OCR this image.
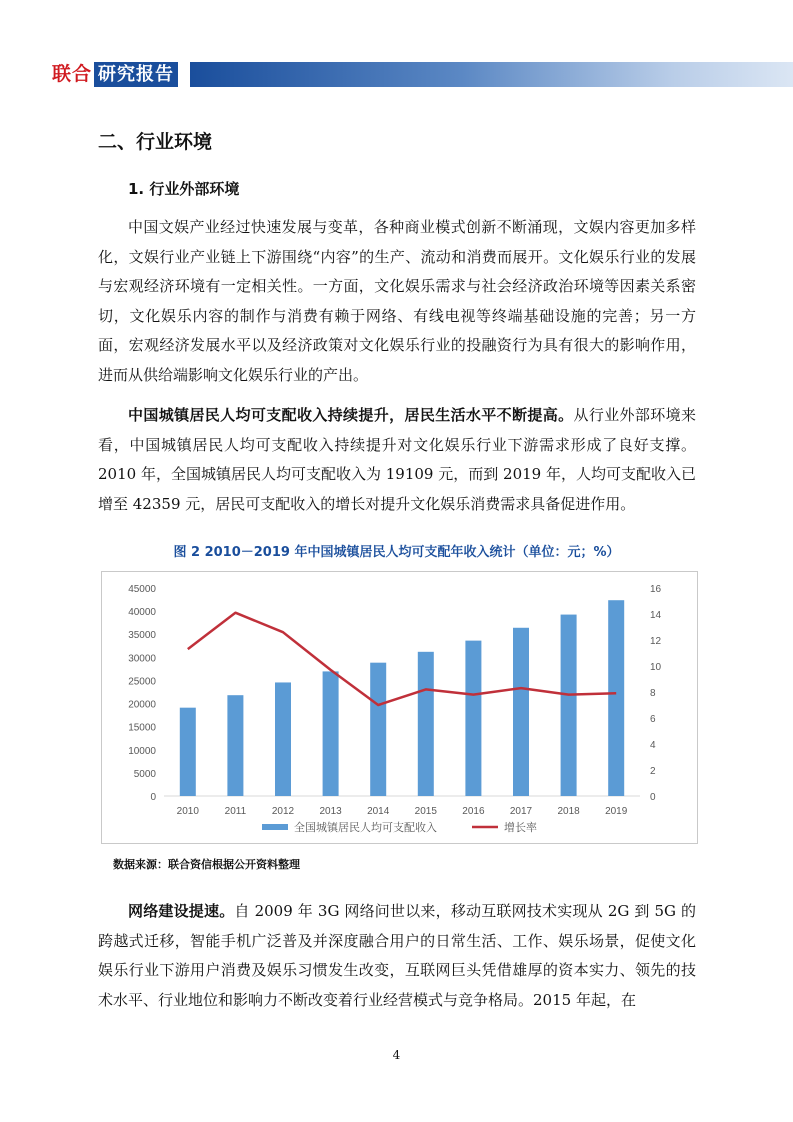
联合 研究报告
二、行业环境
1. 行业外部环境

中国文娱产业经过快速发展与变革，各种商业模式创新不断涌现，文娱内容更加多样化，文娱行业产业链上下游围绕“内容”的生产、流动和消费而展开。文化娱乐行业的发展与宏观经济环境有一定相关性。一方面，文化娱乐需求与社会经济政治环境等因素关系密切，文化娱乐内容的制作与消费有赖于网络、有线电视等终端基础设施的完善；另一方面，宏观经济发展水平以及经济政策对文化娱乐行业的投融资行为具有很大的影响作用，进而从供给端影响文化娱乐行业的产出。

中国城镇居民人均可支配收入持续提升，居民生活水平不断提高。从行业外部环境来看，中国城镇居民人均可支配收入持续提升对文化娱乐行业下游需求形成了良好支撑。2010 年，全国城镇居民人均可支配收入为 19109 元，而到 2019 年，人均可支配收入已增至 42359 元，居民可支配收入的增长对提升文化娱乐消费需求具备促进作用。

图 2 2010－2019 年中国城镇居民人均可支配年收入统计（单位：元；%）
0
5000
10000
15000
20000
25000
30000
35000
40000
45000
0
2
4
6
8
10
12
14
16
2010	2011	2012	2013	2014	2015	2016	2017	2018	2019
全国城镇居民人均可支配收入	增长率
数据来源：联合资信根据公开资料整理

网络建设提速。自 2009 年 3G 网络问世以来，移动互联网技术实现从 2G 到 5G 的跨越式迁移，智能手机广泛普及并深度融合用户的日常生活、工作、娱乐场景，促使文化娱乐行业下游用户消费及娱乐习惯发生改变，互联网巨头凭借雄厚的资本实力、领先的技术水平、行业地位和影响力不断改变着行业经营模式与竞争格局。2015 年起，在

4
